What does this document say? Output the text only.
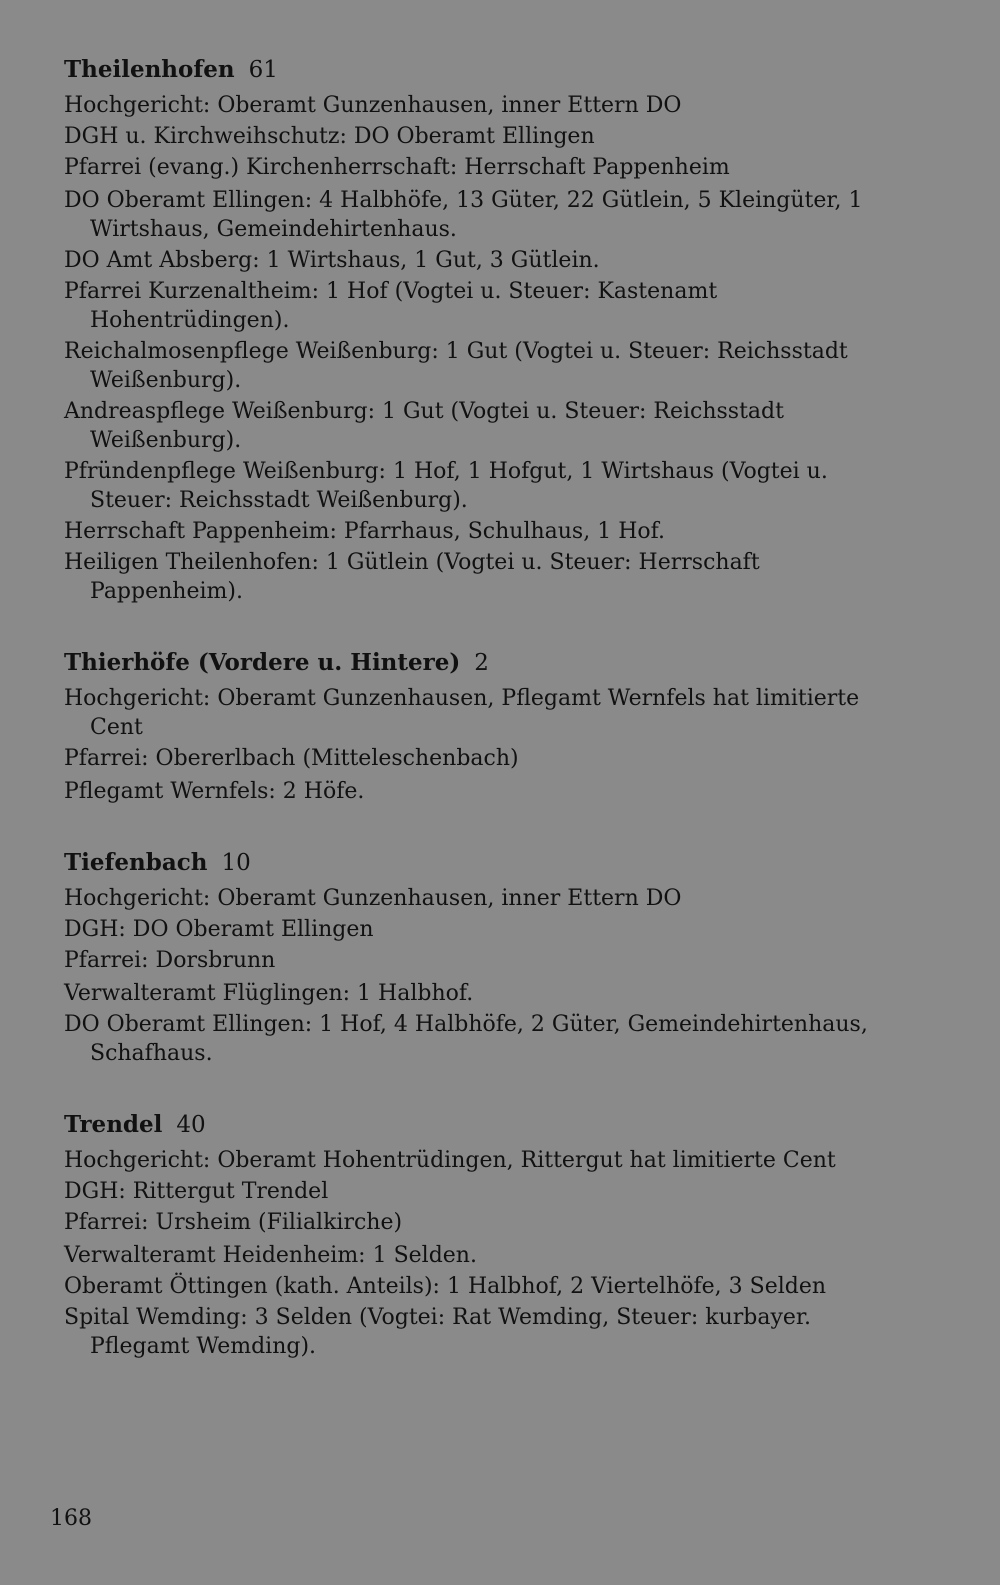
Theilenhofen 61
Hochgericht: Oberamt Gunzenhausen, inner Ettern DO
DGH u. Kirchweihschutz: DO Oberamt Ellingen
Pfarrei (evang.) Kirchenherrschaft: Herrschaft Pappenheim
DO Oberamt Ellingen: 4 Halbhöfe, 13 Güter, 22 Gütlein, 5 Kleingüter, 1 Wirtshaus, Gemeindehirtenhaus.
DO Amt Absberg: 1 Wirtshaus, 1 Gut, 3 Gütlein.
Pfarrei Kurzenaltheim: 1 Hof (Vogtei u. Steuer: Kastenamt Hohentrüdingen).
Reichalmosenpflege Weißenburg: 1 Gut (Vogtei u. Steuer: Reichsstadt Weißenburg).
Andreaspflege Weißenburg: 1 Gut (Vogtei u. Steuer: Reichsstadt Weißenburg).
Pfründenpflege Weißenburg: 1 Hof, 1 Hofgut, 1 Wirtshaus (Vogtei u. Steuer: Reichsstadt Weißenburg).
Herrschaft Pappenheim: Pfarrhaus, Schulhaus, 1 Hof.
Heiligen Theilenhofen: 1 Gütlein (Vogtei u. Steuer: Herrschaft Pappenheim).
Thierhöfe (Vordere u. Hintere) 2
Hochgericht: Oberamt Gunzenhausen, Pflegamt Wernfels hat limitierte Cent
Pfarrei: Obererlbach (Mitteleschenbach)
Pflegamt Wernfels: 2 Höfe.
Tiefenbach 10
Hochgericht: Oberamt Gunzenhausen, inner Ettern DO
DGH: DO Oberamt Ellingen
Pfarrei: Dorsbrunn
Verwalteramt Flüglingen: 1 Halbhof.
DO Oberamt Ellingen: 1 Hof, 4 Halbhöfe, 2 Güter, Gemeindehirtenhaus, Schafhaus.
Trendel 40
Hochgericht: Oberamt Hohentrüdingen, Rittergut hat limitierte Cent
DGH: Rittergut Trendel
Pfarrei: Ursheim (Filialkirche)
Verwalteramt Heidenheim: 1 Selden.
Oberamt Öttingen (kath. Anteils): 1 Halbhof, 2 Viertelhöfe, 3 Selden
Spital Wemding: 3 Selden (Vogtei: Rat Wemding, Steuer: kurbayer. Pflegamt Wemding).
168
